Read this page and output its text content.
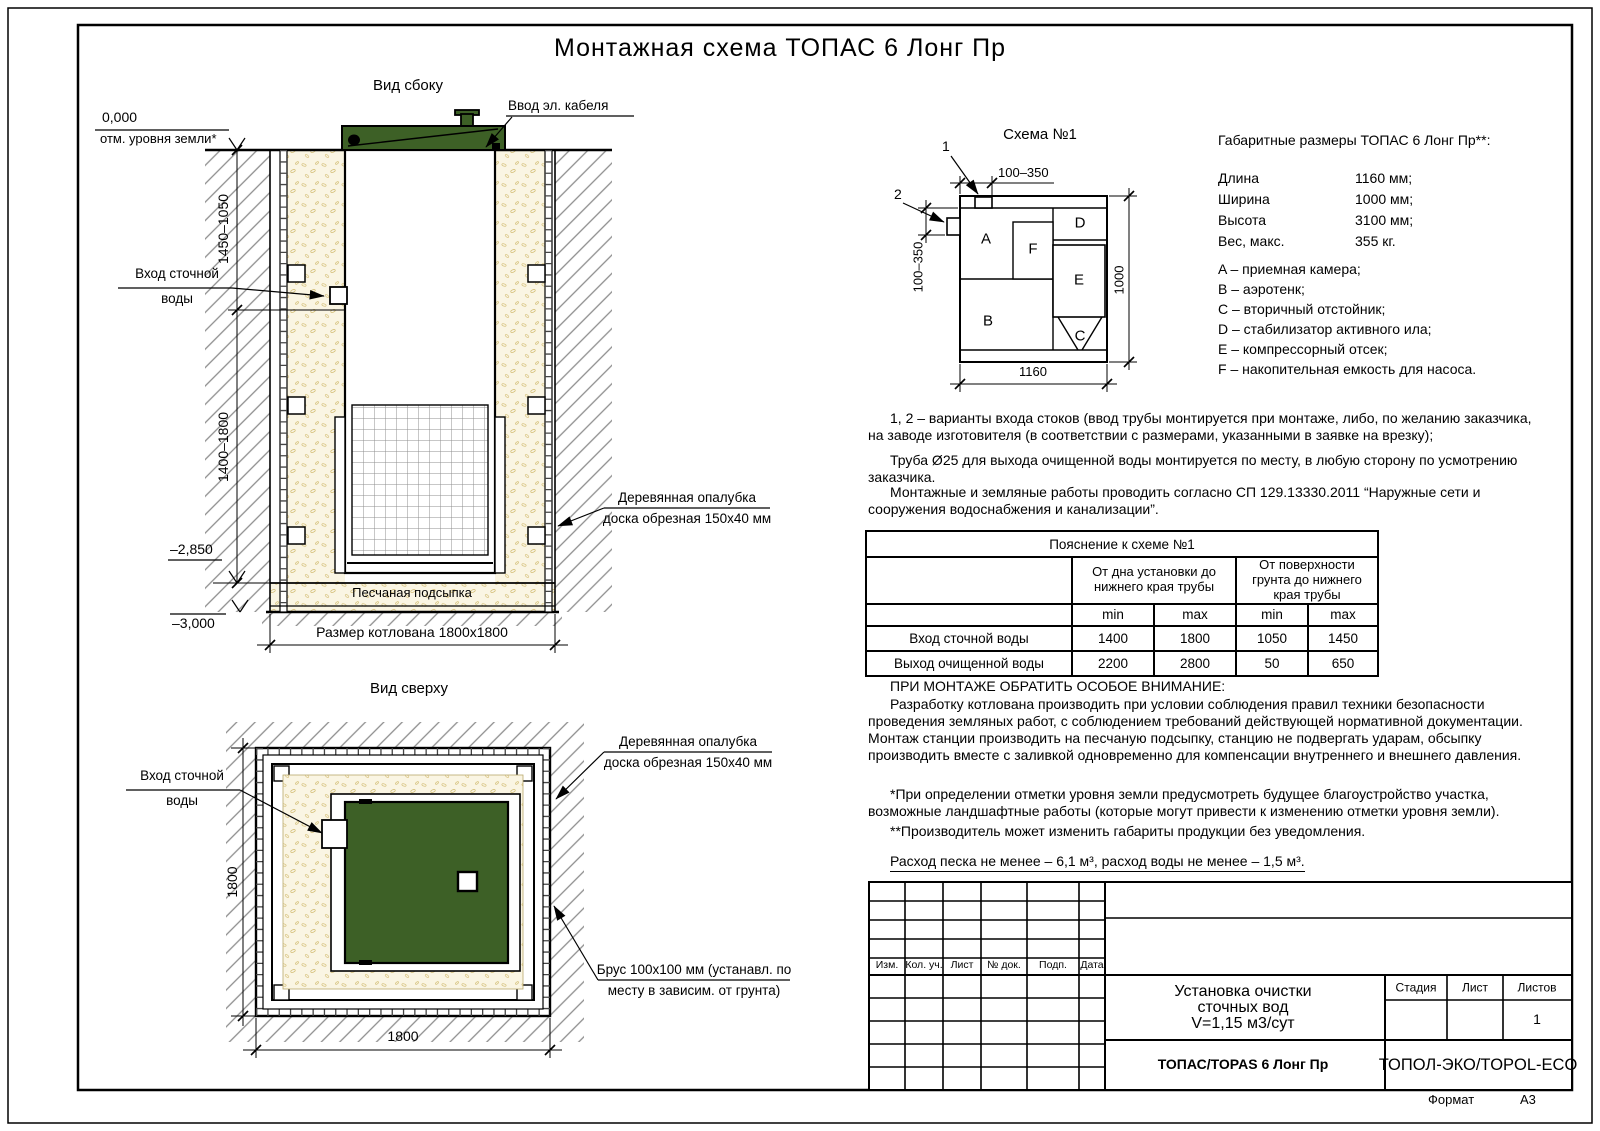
Монтажная схема ТОПАС 6 Лонг Пр
Вид сбоку
Ввод эл. кабеля
0,000
отм. уровня земли*
1450–1050
1400–1800
Вход сточной
воды
–2,850
–3,000
Песчаная подсыпка
Размер котлована 1800х1800
Деревянная опалубка
доска обрезная 150х40 мм
Вид сверху
Вход сточной
воды
Деревянная опалубка
доска обрезная 150х40 мм
Брус 100х100 мм (устанавл. по
месту в зависим. от грунта)
1800
1800
Схема №1
1
2
100–350
100–350
1160
1000
A
B
C
D
E
F
Габаритные размеры ТОПАС 6 Лонг Пр**:
Длина	1160 мм;
Ширина	1000 мм;
Высота	3100 мм;
Вес, макс.	355 кг.
A – приемная камера;
B – аэротенк;
C – вторичный отстойник;
D – стабилизатор активного ила;
E – компрессорный отсек;
F – накопительная емкость для насоса.
1, 2 – варианты входа стоков (ввод трубы монтируется при монтаже, либо, по желанию заказчика, на заводе изготовителя (в соответствии с размерами, указанными в заявке на врезку);
Труба Ø25 для выхода очищенной воды монтируется по месту, в любую сторону по усмотрению заказчика.
Монтажные и земляные работы проводить согласно СП 129.13330.2011 “Наружные сети и сооружения водоснабжения и канализации”.
Пояснение к схеме №1				
	От дна установки до нижнего края трубы		От поверхности грунта до нижнего края трубы	
	min	max	min	max
Вход сточной воды	1400	1800	1050	1450
Выход очищенной воды	2200	2800	50	650
ПРИ МОНТАЖЕ ОБРАТИТЬ ОСОБОЕ ВНИМАНИЕ:
Разработку котлована производить при условии соблюдения правил техники безопасности проведения земляных работ, с соблюдением требований действующей нормативной документации. Монтаж станции производить на песчаную подсыпку, станцию не подвергать ударам, обсыпку производить вместе с заливкой одновременно для компенсации внутреннего и внешнего давления.
*При определении отметки уровня земли предусмотреть будущее благоустройство участка, возможные ландшафтные работы (которые могут привести к изменению отметки уровня земли).
**Производитель может изменить габариты продукции без уведомления.
Расход песка не менее – 6,1 м³, расход воды не менее – 1,5 м³.
Изм. Кол. уч. Лист № док. Подп. Дата
Установка очистки
сточных вод
V=1,15 м3/сут
Стадия Лист Листов
1
ТОПАС/TOPAS 6 Лонг Пр	ТОПОЛ-ЭКО/TOPOL-ECO
Формат	А3
